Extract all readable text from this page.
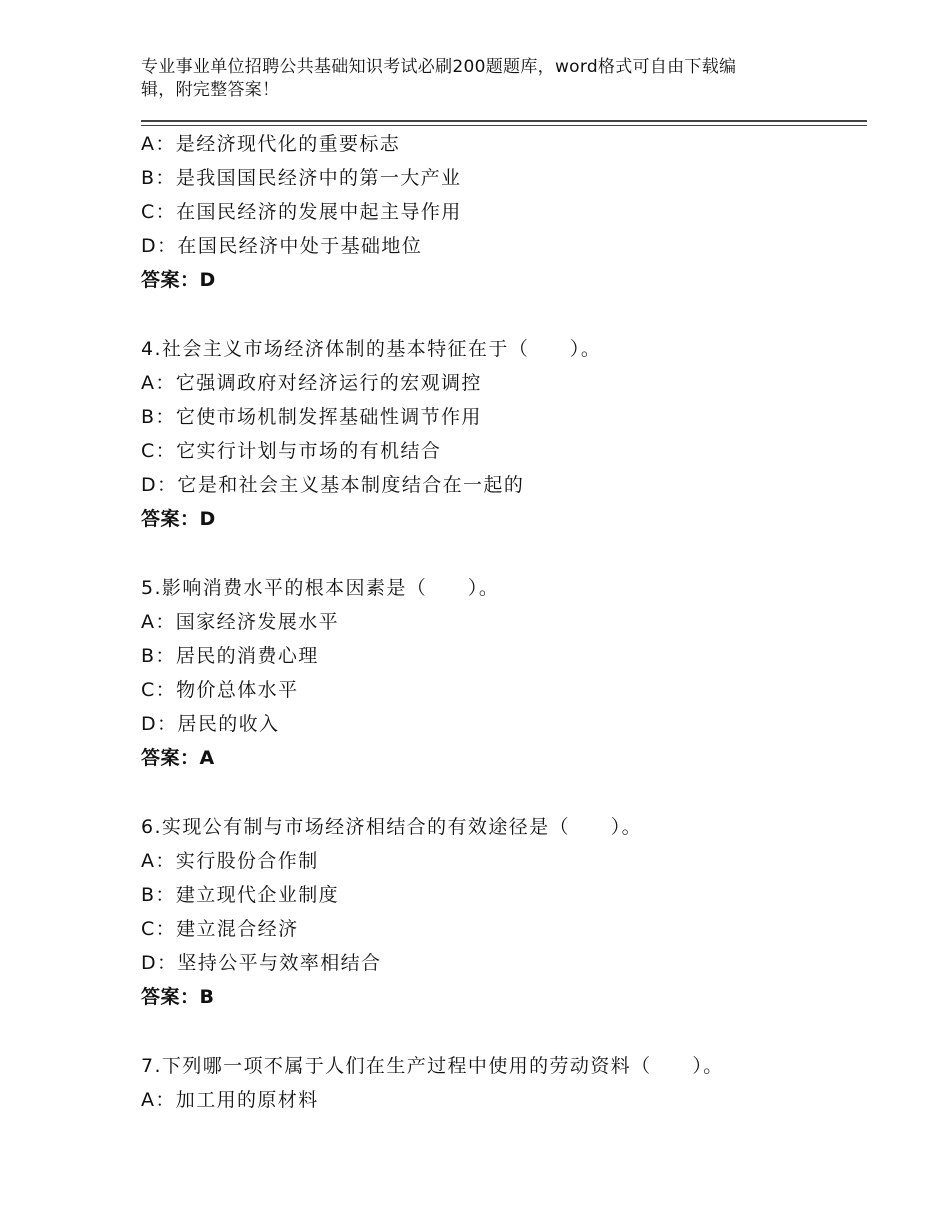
专业事业单位招聘公共基础知识考试必刷200题题库，word格式可自由下载编
辑，附完整答案！
A：是经济现代化的重要标志
B：是我国国民经济中的第一大产业
C：在国民经济的发展中起主导作用
D：在国民经济中处于基础地位
答案：D
4.社会主义市场经济体制的基本特征在于（　　）。
A：它强调政府对经济运行的宏观调控
B：它使市场机制发挥基础性调节作用
C：它实行计划与市场的有机结合
D：它是和社会主义基本制度结合在一起的
答案：D
5.影响消费水平的根本因素是（　　）。
A：国家经济发展水平
B：居民的消费心理
C：物价总体水平
D：居民的收入
答案：A
6.实现公有制与市场经济相结合的有效途径是（　　）。
A：实行股份合作制
B：建立现代企业制度
C：建立混合经济
D：坚持公平与效率相结合
答案：B
7.下列哪一项不属于人们在生产过程中使用的劳动资料（　　）。
A：加工用的原材料
